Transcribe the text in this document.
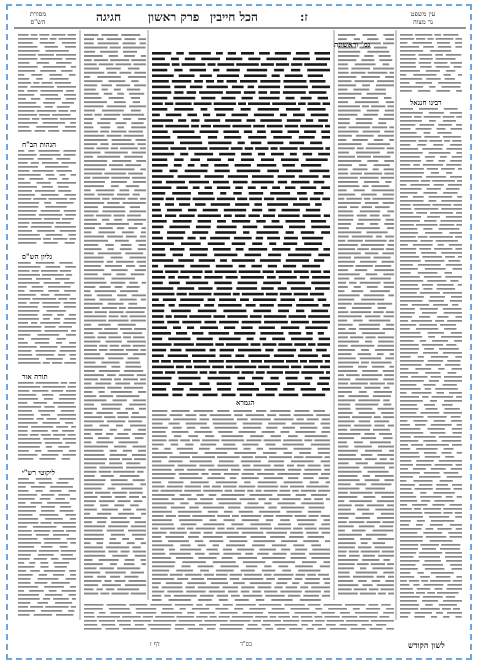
ז:
הכל חייבין
פרק ראשון
חגיגה	עין משפט
נר מצוה
מסורת
הש"ס
רבינו חננאל
הגהות הב"ח
גליון הש"ס
תורה אור
ליקוטי רש"י
גמ' וראשונה
הגמרא
לשון הקודש
בס"ד
דף ז
